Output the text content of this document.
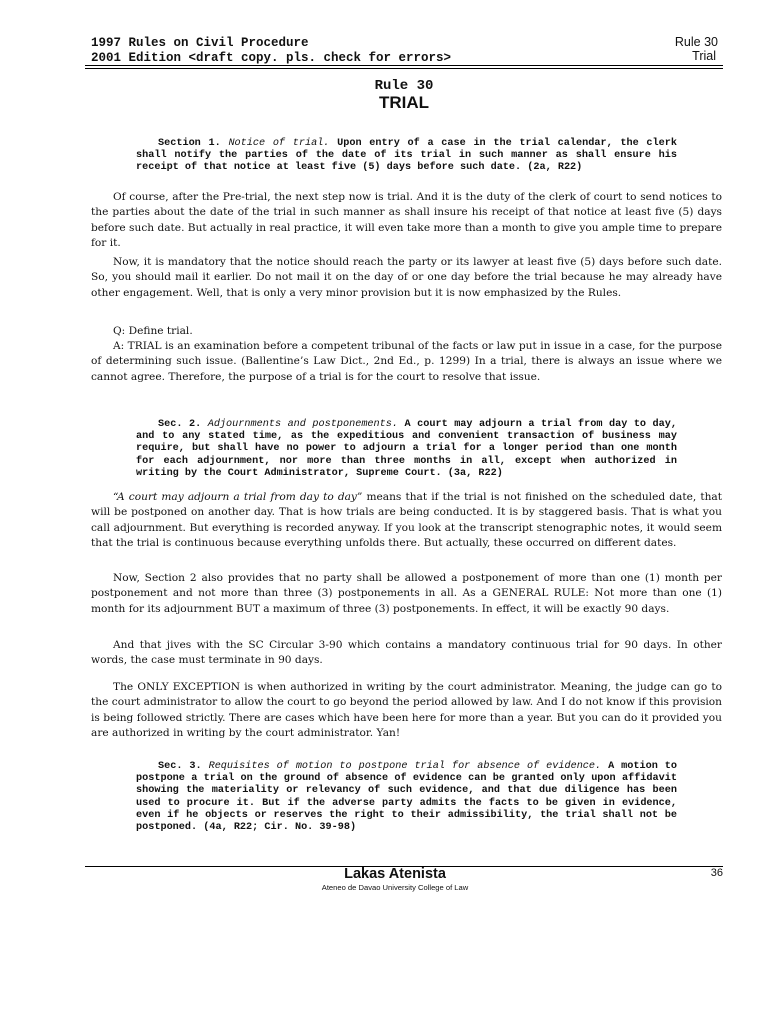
1997 Rules on Civil Procedure
2001 Edition <draft copy. pls. check for errors>
Rule 30
Trial
Rule 30
TRIAL
Section 1. Notice of trial. Upon entry of a case in the trial calendar, the clerk shall notify the parties of the date of its trial in such manner as shall ensure his receipt of that notice at least five (5) days before such date. (2a, R22)
Of course, after the Pre-trial, the next step now is trial. And it is the duty of the clerk of court to send notices to the parties about the date of the trial in such manner as shall insure his receipt of that notice at least five (5) days before such date. But actually in real practice, it will even take more than a month to give you ample time to prepare for it.
Now, it is mandatory that the notice should reach the party or its lawyer at least five (5) days before such date. So, you should mail it earlier. Do not mail it on the day of or one day before the trial because he may already have other engagement. Well, that is only a very minor provision but it is now emphasized by the Rules.
Q: Define trial.
A: TRIAL is an examination before a competent tribunal of the facts or law put in issue in a case, for the purpose of determining such issue. (Ballentine’s Law Dict., 2nd Ed., p. 1299) In a trial, there is always an issue where we cannot agree. Therefore, the purpose of a trial is for the court to resolve that issue.
Sec. 2. Adjournments and postponements. A court may adjourn a trial from day to day, and to any stated time, as the expeditious and convenient transaction of business may require, but shall have no power to adjourn a trial for a longer period than one month for each adjournment, nor more than three months in all, except when authorized in writing by the Court Administrator, Supreme Court. (3a, R22)
“A court may adjourn a trial from day to day” means that if the trial is not finished on the scheduled date, that will be postponed on another day. That is how trials are being conducted. It is by staggered basis. That is what you call adjournment. But everything is recorded anyway. If you look at the transcript stenographic notes, it would seem that the trial is continuous because everything unfolds there. But actually, these occurred on different dates.
Now, Section 2 also provides that no party shall be allowed a postponement of more than one (1) month per postponement and not more than three (3) postponements in all. As a GENERAL RULE: Not more than one (1) month for its adjournment BUT a maximum of three (3) postponements. In effect, it will be exactly 90 days.
And that jives with the SC Circular 3-90 which contains a mandatory continuous trial for 90 days. In other words, the case must terminate in 90 days.
The ONLY EXCEPTION is when authorized in writing by the court administrator. Meaning, the judge can go to the court administrator to allow the court to go beyond the period allowed by law. And I do not know if this provision is being followed strictly. There are cases which have been here for more than a year. But you can do it provided you are authorized in writing by the court administrator. Yan!
Sec. 3. Requisites of motion to postpone trial for absence of evidence. A motion to postpone a trial on the ground of absence of evidence can be granted only upon affidavit showing the materiality or relevancy of such evidence, and that due diligence has been used to procure it. But if the adverse party admits the facts to be given in evidence, even if he objects or reserves the right to their admissibility, the trial shall not be postponed. (4a, R22; Cir. No. 39-98)
Lakas Atenista	36
Ateneo de Davao University College of Law
